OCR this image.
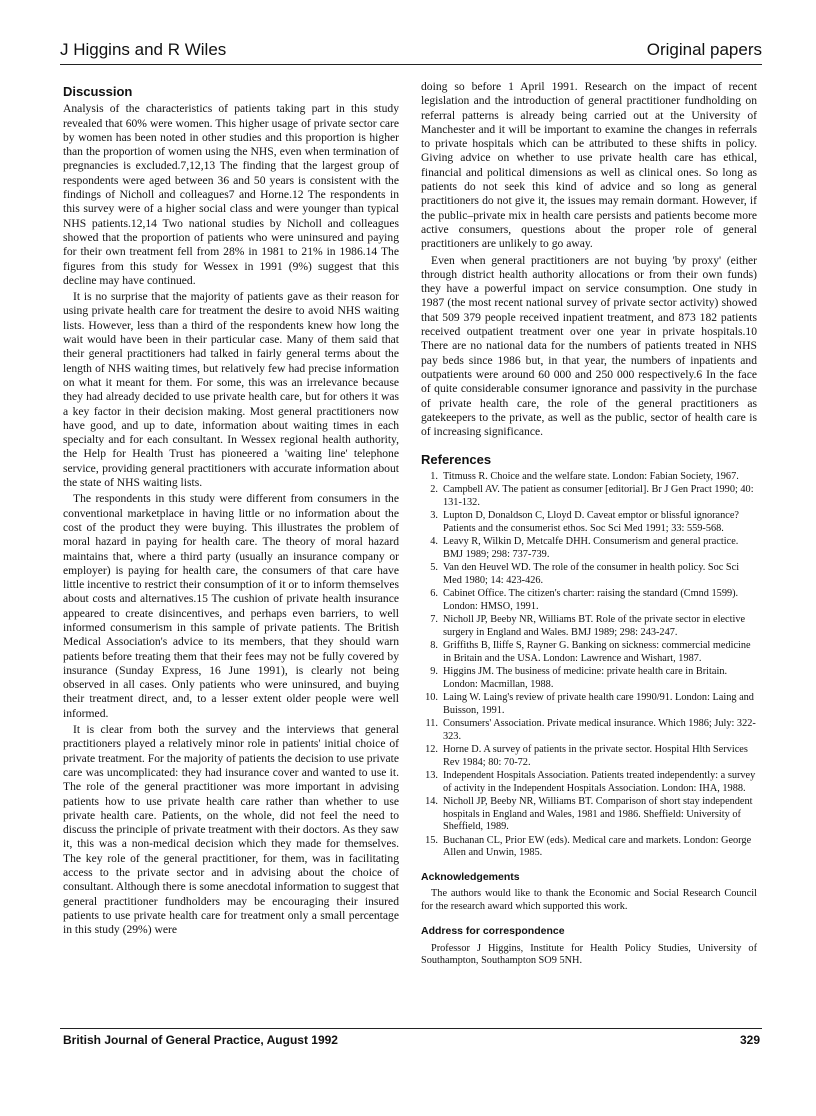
J Higgins and R Wiles	Original papers
Discussion

Analysis of the characteristics of patients taking part in this study revealed that 60% were women. This higher usage of private sector care by women has been noted in other studies and this proportion is higher than the proportion of women using the NHS, even when termination of pregnancies is excluded.7,12,13 The finding that the largest group of respondents were aged between 36 and 50 years is consistent with the findings of Nicholl and colleagues7 and Horne.12 The respondents in this survey were of a higher social class and were younger than typical NHS patients.12,14 Two national studies by Nicholl and colleagues showed that the proportion of patients who were uninsured and paying for their own treatment fell from 28% in 1981 to 21% in 1986.14 The figures from this study for Wessex in 1991 (9%) suggest that this decline may have continued.

It is no surprise that the majority of patients gave as their reason for using private health care for treatment the desire to avoid NHS waiting lists. However, less than a third of the respondents knew how long the wait would have been in their particular case. Many of them said that their general practitioners had talked in fairly general terms about the length of NHS waiting times, but relatively few had precise information on what it meant for them. For some, this was an irrelevance because they had already decided to use private health care, but for others it was a key factor in their decision making. Most general practitioners now have good, and up to date, information about waiting times in each specialty and for each consultant. In Wessex regional health authority, the Help for Health Trust has pioneered a 'waiting line' telephone service, providing general practitioners with accurate information about the state of NHS waiting lists.

The respondents in this study were different from consumers in the conventional marketplace in having little or no information about the cost of the product they were buying. This illustrates the problem of moral hazard in paying for health care. The theory of moral hazard maintains that, where a third party (usually an insurance company or employer) is paying for health care, the consumers of that care have little incentive to restrict their consumption of it or to inform themselves about costs and alternatives.15 The cushion of private health insurance appeared to create disincentives, and perhaps even barriers, to well informed consumerism in this sample of private patients. The British Medical Association's advice to its members, that they should warn patients before treating them that their fees may not be fully covered by insurance (Sunday Express, 16 June 1991), is clearly not being observed in all cases. Only patients who were uninsured, and buying their treatment direct, and, to a lesser extent older people were well informed.

It is clear from both the survey and the interviews that general practitioners played a relatively minor role in patients' initial choice of private treatment. For the majority of patients the decision to use private care was uncomplicated: they had insurance cover and wanted to use it. The role of the general practitioner was more important in advising patients how to use private health care rather than whether to use private health care. Patients, on the whole, did not feel the need to discuss the principle of private treatment with their doctors. As they saw it, this was a non-medical decision which they made for themselves. The key role of the general practitioner, for them, was in facilitating access to the private sector and in advising about the choice of consultant. Although there is some anecdotal information to suggest that general practitioner fundholders may be encouraging their insured patients to use private health care for treatment only a small percentage in this study (29%) were

doing so before 1 April 1991. Research on the impact of recent legislation and the introduction of general practitioner fundholding on referral patterns is already being carried out at the University of Manchester and it will be important to examine the changes in referrals to private hospitals which can be attributed to these shifts in policy. Giving advice on whether to use private health care has ethical, financial and political dimensions as well as clinical ones. So long as patients do not seek this kind of advice and so long as general practitioners do not give it, the issues may remain dormant. However, if the public–private mix in health care persists and patients become more active consumers, questions about the proper role of general practitioners are unlikely to go away.

Even when general practitioners are not buying 'by proxy' (either through district health authority allocations or from their own funds) they have a powerful impact on service consumption. One study in 1987 (the most recent national survey of private sector activity) showed that 509 379 people received inpatient treatment, and 873 182 patients received outpatient treatment over one year in private hospitals.10 There are no national data for the numbers of patients treated in NHS pay beds since 1986 but, in that year, the numbers of inpatients and outpatients were around 60 000 and 250 000 respectively.6 In the face of quite considerable consumer ignorance and passivity in the purchase of private health care, the role of the general practitioners as gatekeepers to the private, as well as the public, sector of health care is of increasing significance.

References
1. Titmuss R. Choice and the welfare state. London: Fabian Society, 1967.
2. Campbell AV. The patient as consumer [editorial]. Br J Gen Pract 1990; 40: 131-132.
3. Lupton D, Donaldson C, Lloyd D. Caveat emptor or blissful ignorance? Patients and the consumerist ethos. Soc Sci Med 1991; 33: 559-568.
4. Leavy R, Wilkin D, Metcalfe DHH. Consumerism and general practice. BMJ 1989; 298: 737-739.
5. Van den Heuvel WD. The role of the consumer in health policy. Soc Sci Med 1980; 14: 423-426.
6. Cabinet Office. The citizen's charter: raising the standard (Cmnd 1599). London: HMSO, 1991.
7. Nicholl JP, Beeby NR, Williams BT. Role of the private sector in elective surgery in England and Wales. BMJ 1989; 298: 243-247.
8. Griffiths B, Iliffe S, Rayner G. Banking on sickness: commercial medicine in Britain and the USA. London: Lawrence and Wishart, 1987.
9. Higgins JM. The business of medicine: private health care in Britain. London: Macmillan, 1988.
10. Laing W. Laing's review of private health care 1990/91. London: Laing and Buisson, 1991.
11. Consumers' Association. Private medical insurance. Which 1986; July: 322-323.
12. Horne D. A survey of patients in the private sector. Hospital Hlth Services Rev 1984; 80: 70-72.
13. Independent Hospitals Association. Patients treated independently: a survey of activity in the Independent Hospitals Association. London: IHA, 1988.
14. Nicholl JP, Beeby NR, Williams BT. Comparison of short stay independent hospitals in England and Wales, 1981 and 1986. Sheffield: University of Sheffield, 1989.
15. Buchanan CL, Prior EW (eds). Medical care and markets. London: George Allen and Unwin, 1985.
Acknowledgements

The authors would like to thank the Economic and Social Research Council for the research award which supported this work.

Address for correspondence

Professor J Higgins, Institute for Health Policy Studies, University of Southampton, Southampton SO9 5NH.

British Journal of General Practice, August 1992	329
